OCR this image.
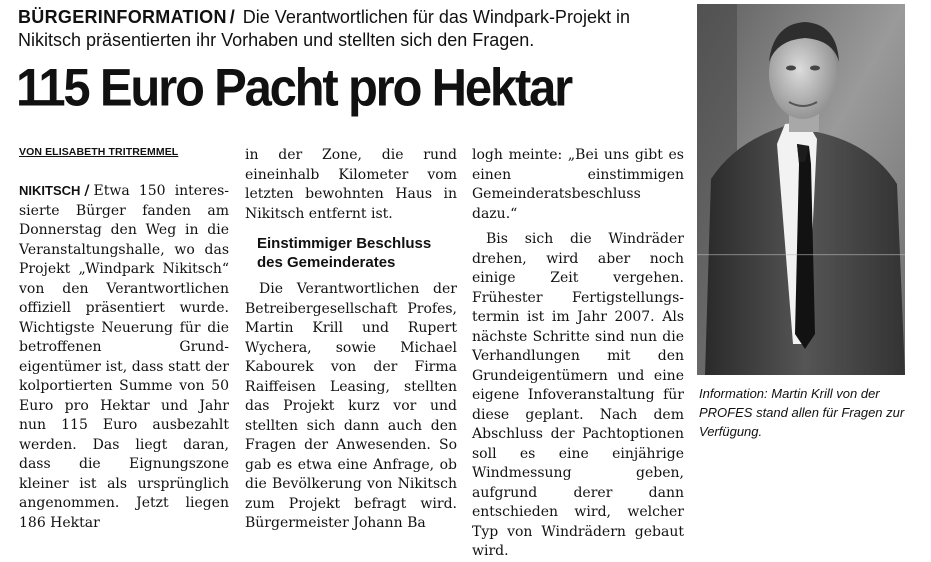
BÜRGERINFORMATION / Die Verantwortlichen für das Windpark-Projekt in Nikitsch präsentierten ihr Vorhaben und stellten sich den Fragen.
115 Euro Pacht pro Hektar
VON ELISABETH TRITREMMEL

NIKITSCH / Etwa 150 interessierte Bürger fanden am Donnerstag den Weg in die Veranstaltungshalle, wo das Projekt „Windpark Nikitsch“ von den Verantwortlichen offiziell präsentiert wurde. Wichtigste Neuerung für die betroffenen Grundeigentümer ist, dass statt der kolportierten Summe von 50 Euro pro Hektar und Jahr nun 115 Euro ausbezahlt werden. Das liegt daran, dass die Eignungszone kleiner ist als ursprünglich angenommen. Jetzt liegen 186 Hektar

in der Zone, die rund eineinhalb Kilometer vom letzten bewohnten Haus in Nikitsch entfernt ist.

Einstimmiger Beschluss des Gemeinderates

Die Verantwortlichen der Betreibergesellschaft Profes, Martin Krill und Rupert Wychera, sowie Michael Kabourek von der Firma Raiffeisen Leasing, stellten das Projekt kurz vor und stellten sich dann auch den Fragen der Anwesenden. So gab es etwa eine Anfrage, ob die Bevölkerung von Nikitsch zum Projekt befragt wird. Bürgermeister Johann Ba

logh meinte: „Bei uns gibt es einen einstimmigen Gemeinderatsbeschluss dazu.“

Bis sich die Windräder drehen, wird aber noch einige Zeit vergehen. Frühester Fertigstellungstermin ist im Jahr 2007. Als nächste Schritte sind nun die Verhandlungen mit den Grundeigentümern und eine eigene Infoveranstaltung für diese geplant. Nach dem Abschluss der Pachtoptionen soll es eine einjährige Windmessung geben, aufgrund derer dann entschieden wird, welcher Typ von Windrädern gebaut wird.

Information: Martin Krill von der PROFES stand allen für Fragen zur Verfügung.
